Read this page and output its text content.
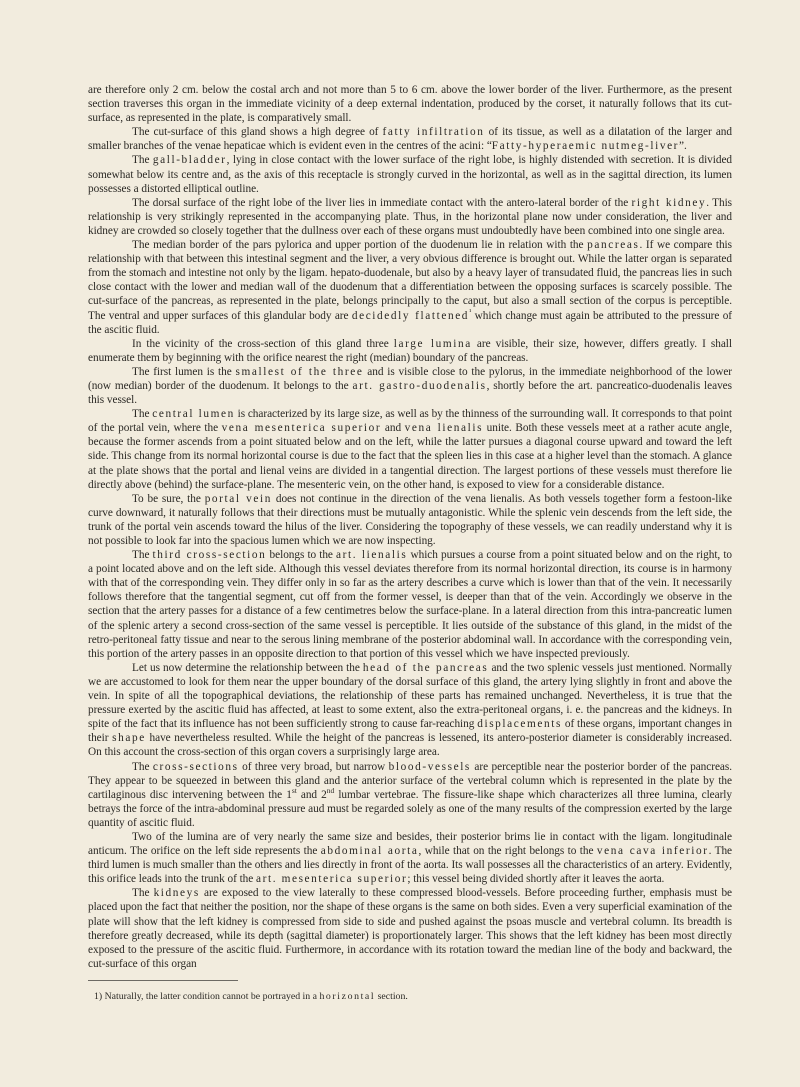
are therefore only 2 cm. below the costal arch and not more than 5 to 6 cm. above the lower border of the liver. Furthermore, as the present section traverses this organ in the immediate vicinity of a deep external indentation, produced by the corset, it naturally follows that its cut-surface, as represented in the plate, is comparatively small.

The cut-surface of this gland shows a high degree of fatty infiltration of its tissue, as well as a dilatation of the larger and smaller branches of the venae hepaticae which is evident even in the centres of the acini: “Fatty-hyperaemic nutmeg-liver”.

The gall-bladder, lying in close contact with the lower surface of the right lobe, is highly distended with secretion. It is divided somewhat below its centre and, as the axis of this receptacle is strongly curved in the horizontal, as well as in the sagittal direction, its lumen possesses a distorted elliptical outline.

The dorsal surface of the right lobe of the liver lies in immediate contact with the antero-lateral border of the right kidney. This relationship is very strikingly represented in the accompanying plate. Thus, in the horizontal plane now under consideration, the liver and kidney are crowded so closely together that the dullness over each of these organs must undoubtedly have been combined into one single area.

The median border of the pars pylorica and upper portion of the duodenum lie in relation with the pancreas. If we compare this relationship with that between this intestinal segment and the liver, a very obvious difference is brought out. While the latter organ is separated from the stomach and intestine not only by the ligam. hepato-duodenale, but also by a heavy layer of transudated fluid, the pancreas lies in such close contact with the lower and median wall of the duodenum that a differentiation between the opposing surfaces is scarcely possible. The cut-surface of the pancreas, as represented in the plate, belongs principally to the caput, but also a small section of the corpus is perceptible. The ventral and upper surfaces of this glandular body are decidedly flattened$^{^1}$ which change must again be attributed to the pressure of the ascitic fluid.

In the vicinity of the cross-section of this gland three large lumina are visible, their size, however, differs greatly. I shall enumerate them by beginning with the orifice nearest the right (median) boundary of the pancreas.

The first lumen is the smallest of the three and is visible close to the pylorus, in the immediate neighborhood of the lower (now median) border of the duodenum. It belongs to the art. gastro-duodenalis, shortly before the art. pancreatico-duodenalis leaves this vessel.

The central lumen is characterized by its large size, as well as by the thinness of the surrounding wall. It corresponds to that point of the portal vein, where the vena mesenterica superior and vena lienalis unite. Both these vessels meet at a rather acute angle, because the former ascends from a point situated below and on the left, while the latter pursues a diagonal course upward and toward the left side. This change from its normal horizontal course is due to the fact that the spleen lies in this case at a higher level than the stomach. A glance at the plate shows that the portal and lienal veins are divided in a tangential direction. The largest portions of these vessels must therefore lie directly above (behind) the surface-plane. The mesenteric vein, on the other hand, is exposed to view for a considerable distance.

To be sure, the portal vein does not continue in the direction of the vena lienalis. As both vessels together form a festoon-like curve downward, it naturally follows that their directions must be mutually antagonistic. While the splenic vein descends from the left side, the trunk of the portal vein ascends toward the hilus of the liver. Considering the topography of these vessels, we can readily understand why it is not possible to look far into the spacious lumen which we are now inspecting.

The third cross-section belongs to the art. lienalis which pursues a course from a point situated below and on the right, to a point located above and on the left side. Although this vessel deviates therefore from its normal horizontal direction, its course is in harmony with that of the corresponding vein. They differ only in so far as the artery describes a curve which is lower than that of the vein. It necessarily follows therefore that the tangential segment, cut off from the former vessel, is deeper than that of the vein. Accordingly we observe in the section that the artery passes for a distance of a few centimetres below the surface-plane. In a lateral direction from this intra-pancreatic lumen of the splenic artery a second cross-section of the same vessel is perceptible. It lies outside of the substance of this gland, in the midst of the retro-peritoneal fatty tissue and near to the serous lining membrane of the posterior abdominal wall. In accordance with the corresponding vein, this portion of the artery passes in an opposite direction to that portion of this vessel which we have inspected previously.

Let us now determine the relationship between the head of the pancreas and the two splenic vessels just mentioned. Normally we are accustomed to look for them near the upper boundary of the dorsal surface of this gland, the artery lying slightly in front and above the vein. In spite of all the topographical deviations, the relationship of these parts has remained unchanged. Nevertheless, it is true that the pressure exerted by the ascitic fluid has affected, at least to some extent, also the extra-peritoneal organs, i. e. the pancreas and the kidneys. In spite of the fact that its influence has not been sufficiently strong to cause far-reaching displacements of these organs, important changes in their shape have nevertheless resulted. While the height of the pancreas is lessened, its antero-posterior diameter is considerably increased. On this account the cross-section of this organ covers a surprisingly large area.

The cross-sections of three very broad, but narrow blood-vessels are perceptible near the posterior border of the pancreas. They appear to be squeezed in between this gland and the anterior surface of the vertebral column which is represented in the plate by the cartilaginous disc intervening between the 1st and 2nd lumbar vertebrae. The fissure-like shape which characterizes all three lumina, clearly betrays the force of the intra-abdominal pressure aud must be regarded solely as one of the many results of the compression exerted by the large quantity of ascitic fluid.

Two of the lumina are of very nearly the same size and besides, their posterior brims lie in contact with the ligam. longitudinale anticum. The orifice on the left side represents the abdominal aorta, while that on the right belongs to the vena cava inferior. The third lumen is much smaller than the others and lies directly in front of the aorta. Its wall possesses all the characteristics of an artery. Evidently, this orifice leads into the trunk of the art. mesenterica superior; this vessel being divided shortly after it leaves the aorta.

The kidneys are exposed to the view laterally to these compressed blood-vessels. Before proceeding further, emphasis must be placed upon the fact that neither the position, nor the shape of these organs is the same on both sides. Even a very superficial examination of the plate will show that the left kidney is compressed from side to side and pushed against the psoas muscle and vertebral column. Its breadth is therefore greatly decreased, while its depth (sagittal diameter) is proportionately larger. This shows that the left kidney has been most directly exposed to the pressure of the ascitic fluid. Furthermore, in accordance with its rotation toward the median line of the body and backward, the cut-surface of this organ

1) Naturally, the latter condition cannot be portrayed in a horizontal section.
